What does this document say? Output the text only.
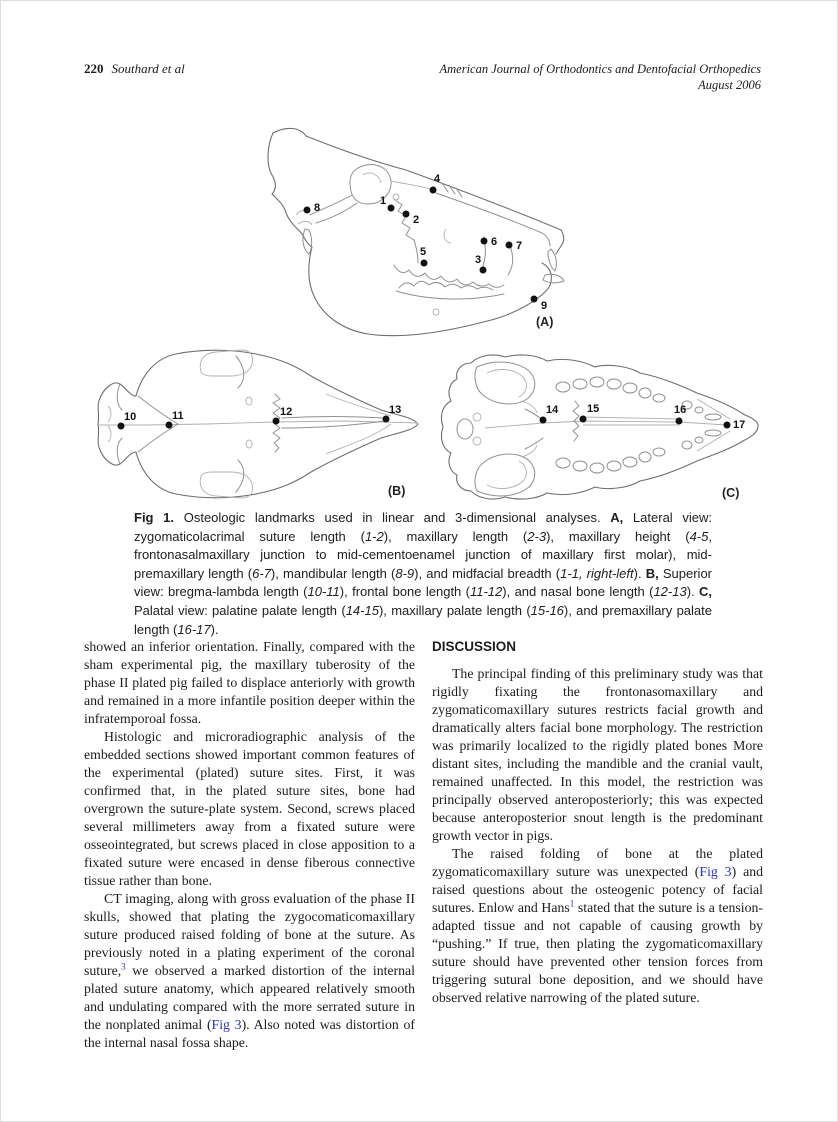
220 Southard et al	American Journal of Orthodontics and Dentofacial Orthopedics
August 2006
(A)
1
2
3
4
5
6 7
8
9
(B)
10	11	12	13
(C)
14	15	16
17
Fig 1. Osteologic landmarks used in linear and 3-dimensional analyses. A, Lateral view: zygomaticolacrimal suture length (1-2), maxillary length (2-3), maxillary height (4-5, frontonasalmaxillary junction to mid-cementoenamel junction of maxillary first molar), mid-premaxillary length (6-7), mandibular length (8-9), and midfacial breadth (1-1, right-left). B, Superior view: bregma-lambda length (10-11), frontal bone length (11-12), and nasal bone length (12-13). C, Palatal view: palatine palate length (14-15), maxillary palate length (15-16), and premaxillary palate length (16-17).

showed an inferior orientation. Finally, compared with the sham experimental pig, the maxillary tuberosity of the phase II plated pig failed to displace anteriorly with growth and remained in a more infantile position deeper within the infratemporoal fossa.

Histologic and microradiographic analysis of the embedded sections showed important common features of the experimental (plated) suture sites. First, it was confirmed that, in the plated suture sites, bone had overgrown the suture-plate system. Second, screws placed several millimeters away from a fixated suture were osseointegrated, but screws placed in close apposition to a fixated suture were encased in dense fiberous connective tissue rather than bone.

CT imaging, along with gross evaluation of the phase II skulls, showed that plating the zygocomaticomaxillary suture produced raised folding of bone at the suture. As previously noted in a plating experiment of the coronal suture,$^3$ we observed a marked distortion of the internal plated suture anatomy, which appeared relatively smooth and undulating compared with the more serrated suture in the nonplated animal (Fig 3). Also noted was distortion of the internal nasal fossa shape.

DISCUSSION

The principal finding of this preliminary study was that rigidly fixating the frontonasomaxillary and zygomaticomaxillary sutures restricts facial growth and dramatically alters facial bone morphology. The restriction was primarily localized to the rigidly plated bones More distant sites, including the mandible and the cranial vault, remained unaffected. In this model, the restriction was principally observed anteroposteriorly; this was expected because anteroposterior snout length is the predominant growth vector in pigs.

The raised folding of bone at the plated zygomaticomaxillary suture was unexpected (Fig 3) and raised questions about the osteogenic potency of facial sutures. Enlow and Hans$^1$ stated that the suture is a tension-adapted tissue and not capable of causing growth by “pushing.” If true, then plating the zygomaticomaxillary suture should have prevented other tension forces from triggering sutural bone deposition, and we should have observed relative narrowing of the plated suture.
